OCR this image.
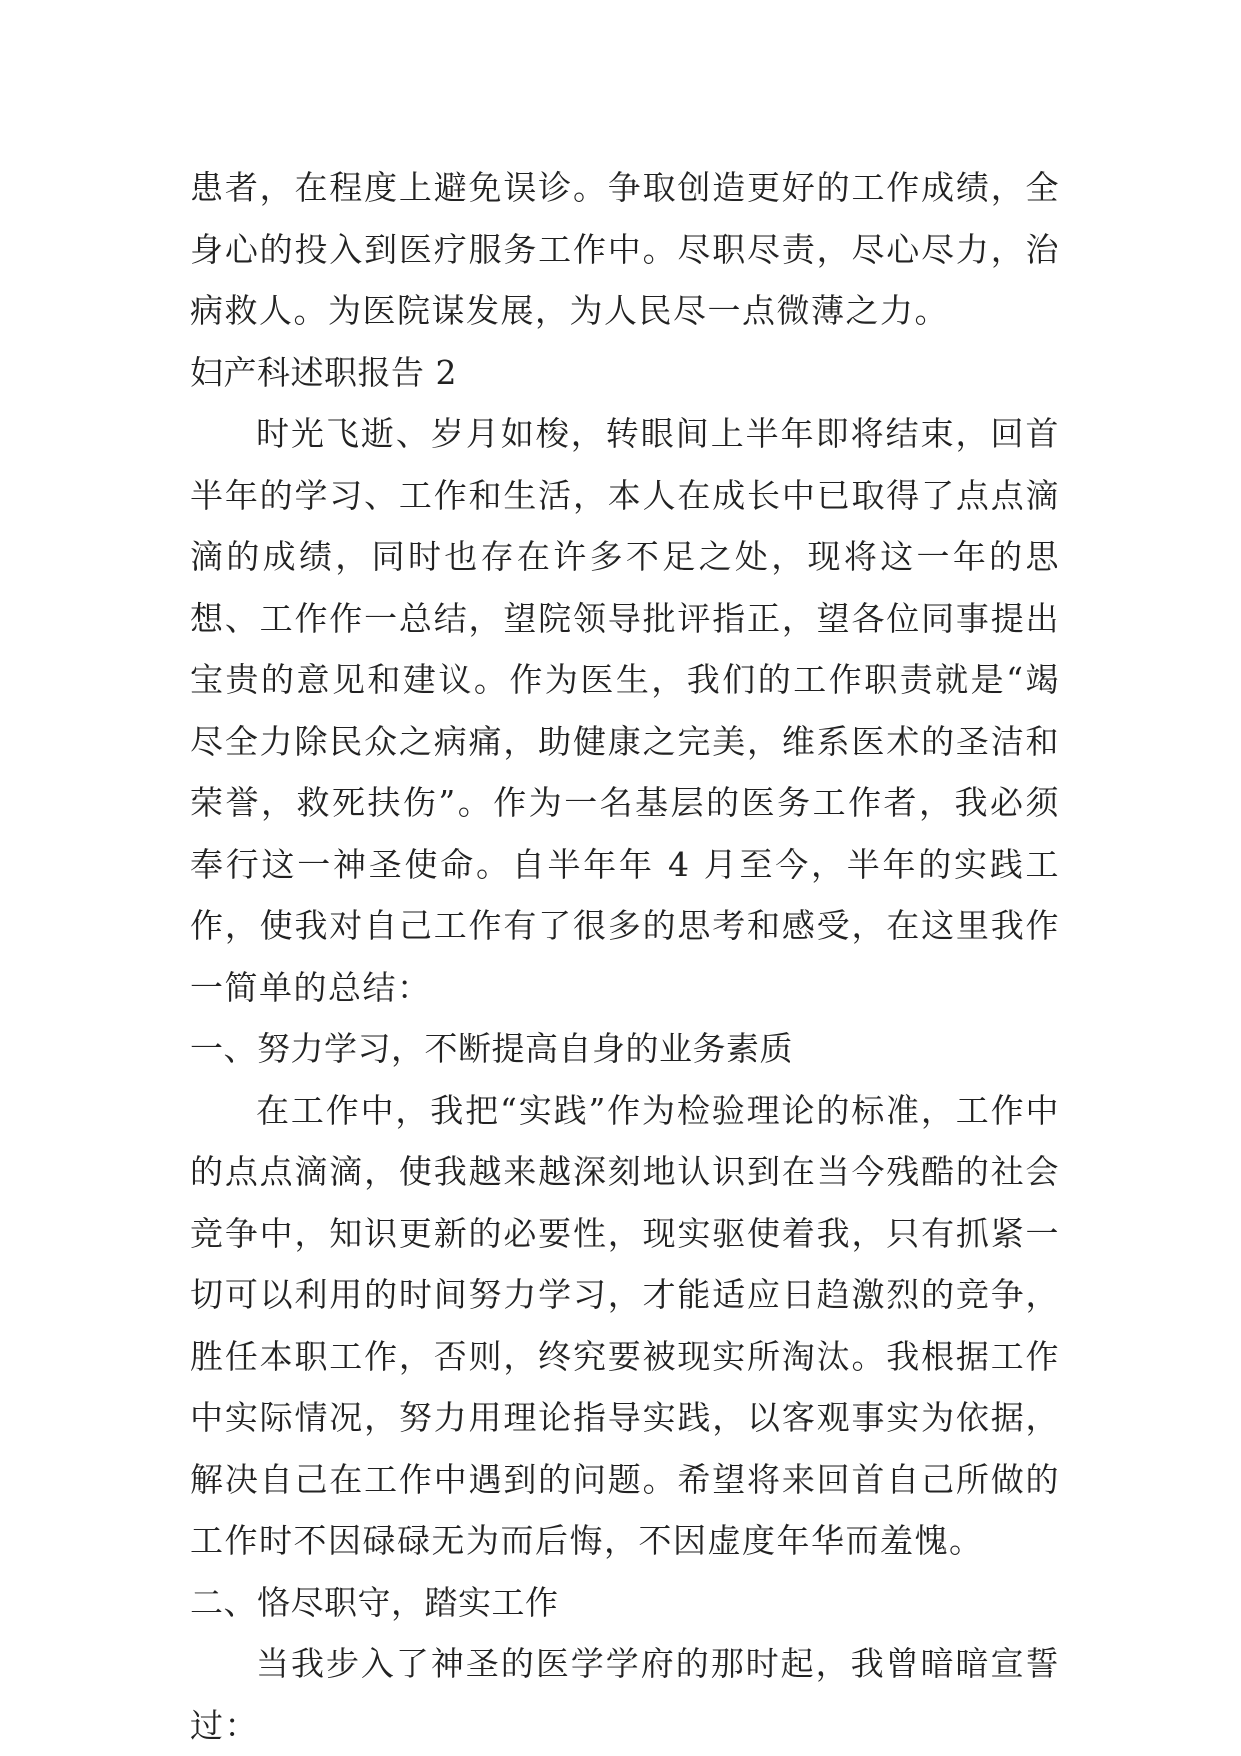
患者，在程度上避免误诊。争取创造更好的工作成绩，全身心的投入到医疗服务工作中。尽职尽责，尽心尽力，治病救人。为医院谋发展，为人民尽一点微薄之力。

妇产科述职报告 2

时光飞逝、岁月如梭，转眼间上半年即将结束，回首半年的学习、工作和生活，本人在成长中已取得了点点滴滴的成绩，同时也存在许多不足之处，现将这一年的思想、工作作一总结，望院领导批评指正，望各位同事提出宝贵的意见和建议。作为医生，我们的工作职责就是“竭尽全力除民众之病痛，助健康之完美，维系医术的圣洁和荣誉，救死扶伤”。作为一名基层的医务工作者，我必须奉行这一神圣使命。自半年年 4 月至今，半年的实践工作，使我对自己工作有了很多的思考和感受，在这里我作一简单的总结：

一、努力学习，不断提高自身的业务素质

在工作中，我把“实践”作为检验理论的标准，工作中的点点滴滴，使我越来越深刻地认识到在当今残酷的社会竞争中，知识更新的必要性，现实驱使着我，只有抓紧一切可以利用的时间努力学习，才能适应日趋激烈的竞争，胜任本职工作，否则，终究要被现实所淘汰。我根据工作中实际情况，努力用理论指导实践，以客观事实为依据，解决自己在工作中遇到的问题。希望将来回首自己所做的工作时不因碌碌无为而后悔，不因虚度年华而羞愧。

二、恪尽职守，踏实工作

当我步入了神圣的医学学府的那时起，我曾暗暗宣誓过：
